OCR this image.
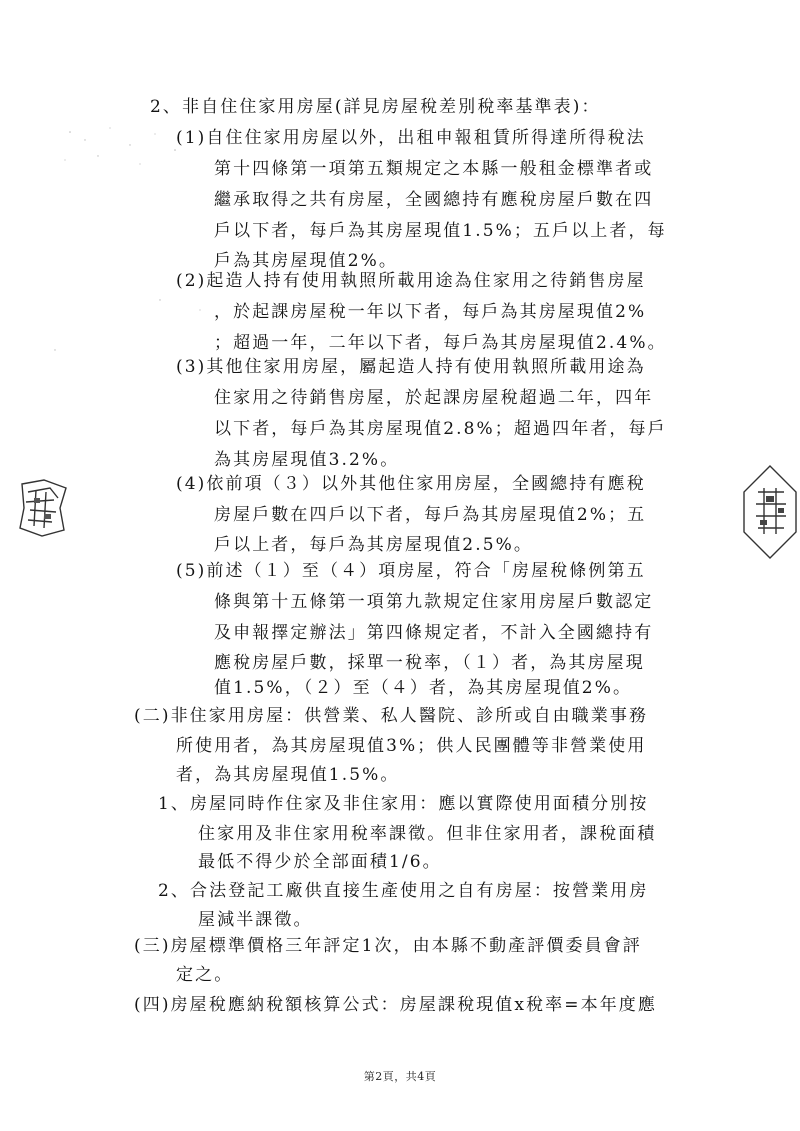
2、非自住住家用房屋(詳見房屋稅差別稅率基準表)：
(1)自住住家用房屋以外，出租申報租賃所得達所得稅法
第十四條第一項第五類規定之本縣一般租金標準者或
繼承取得之共有房屋，全國總持有應稅房屋戶數在四
戶以下者，每戶為其房屋現值1.5%；五戶以上者，每
戶為其房屋現值2%。
(2)起造人持有使用執照所載用途為住家用之待銷售房屋
，於起課房屋稅一年以下者，每戶為其房屋現值2%
；超過一年，二年以下者，每戶為其房屋現值2.4%。
(3)其他住家用房屋，屬起造人持有使用執照所載用途為
住家用之待銷售房屋，於起課房屋稅超過二年，四年
以下者，每戶為其房屋現值2.8%；超過四年者，每戶
為其房屋現值3.2%。
(4)依前項（３）以外其他住家用房屋，全國總持有應稅
房屋戶數在四戶以下者，每戶為其房屋現值2%；五
戶以上者，每戶為其房屋現值2.5%。
(5)前述（１）至（４）項房屋，符合「房屋稅條例第五
條與第十五條第一項第九款規定住家用房屋戶數認定
及申報擇定辦法」第四條規定者，不計入全國總持有
應稅房屋戶數，採單一稅率，（１）者，為其房屋現
值1.5%，（２）至（４）者，為其房屋現值2%。
(二)非住家用房屋：供營業、私人醫院、診所或自由職業事務
所使用者，為其房屋現值3%；供人民團體等非營業使用
者，為其房屋現值1.5%。
1、房屋同時作住家及非住家用：應以實際使用面積分別按
住家用及非住家用稅率課徵。但非住家用者，課稅面積
最低不得少於全部面積1/6。
2、合法登記工廠供直接生產使用之自有房屋：按營業用房
屋減半課徵。
(三)房屋標準價格三年評定1次，由本縣不動產評價委員會評
定之。
(四)房屋稅應納稅額核算公式：房屋課稅現值x稅率=本年度應
第2頁，共4頁
